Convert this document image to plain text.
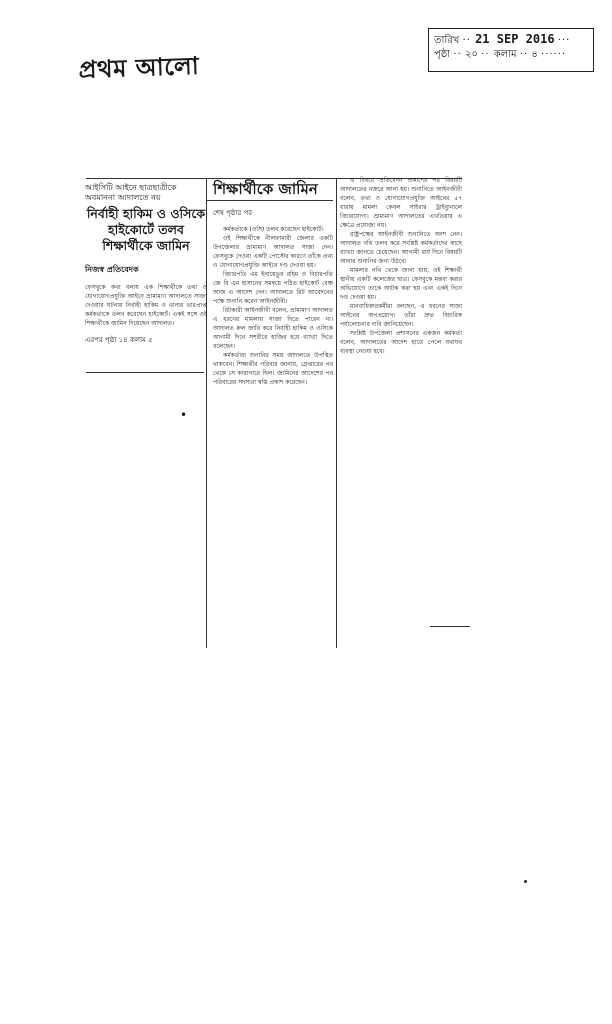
প্রথম আলো
তারিখ ·· 21 SEP 2016 ···
পৃষ্ঠা ·· ২০ ·· কলাম ·· ৪ ······
আইসিটি আইনে ছাত্রছাত্রীকে অবমাননা আদালতে নয়
নির্বাহী হাকিম ও ওসিকে
হাইকোর্টে তলব
শিক্ষার্থীকে জামিন
নিজস্ব প্রতিবেদক
ফেসবুকে কথা বলায় এক শিক্ষার্থীকে তথ্য ও যোগাযোগপ্রযুক্তি আইনে ভ্রাম্যমাণ আদালতে সাজা দেওয়ার ঘটনায় নির্বাহী হাকিম ও থানার ভারপ্রাপ্ত কর্মকর্তাকে তলব করেছেন হাইকোর্ট। একই সঙ্গে ওই শিক্ষার্থীকে জামিন দিয়েছেন আদালত।
এরপর পৃষ্ঠা ১৪ কলাম ৫
শিক্ষার্থীকে জামিন
শেষ পৃষ্ঠার পর

কর্মকর্তাকে (ওসি) তলব করেছেন হাইকোর্ট।

ওই শিক্ষার্থীকে নীলফামারী জেলার একটি উপজেলার ভ্রাম্যমাণ আদালত সাজা দেন। ফেসবুকে দেওয়া একটি পোস্টের কারণে তাঁকে তথ্য ও যোগাযোগপ্রযুক্তি আইনে দণ্ড দেওয়া হয়।

বিচারপতি এম ইনায়েতুর রহিম ও বিচারপতি জে বি এম হাসানের সমন্বয়ে গঠিত হাইকোর্ট বেঞ্চ আজ এ আদেশ দেন। আদালতে রিট আবেদনের পক্ষে শুনানি করেন আইনজীবী।

রিটকারী আইনজীবী বলেন, ভ্রাম্যমাণ আদালত এ ধরনের মামলায় সাজা দিতে পারেন না। আদালত রুল জারি করে নির্বাহী হাকিম ও ওসিকে আগামী দিনে সশরীরে হাজির হয়ে ব্যাখ্যা দিতে বলেছেন।

কর্মকর্তারা শুনানির সময় আদালতে উপস্থিত থাকবেন। শিক্ষার্থীর পরিবার জানায়, গ্রেপ্তারের পর থেকে সে কারাগারে ছিল। জামিনের আদেশের পর পরিবারের সদস্যরা স্বস্তি প্রকাশ করেছেন।

এ বিষয়ে প্রতিবেদন প্রকাশের পর বিষয়টি আদালতের নজরে আনা হয়। শুনানিতে আইনজীবী বলেন, তথ্য ও যোগাযোগপ্রযুক্তি আইনের ৫৭ ধারায় মামলা কেবল সাইবার ট্রাইব্যুনালে বিচারযোগ্য। ভ্রাম্যমাণ আদালতের এখতিয়ার এ ক্ষেত্রে প্রযোজ্য নয়।

রাষ্ট্রপক্ষের আইনজীবী শুনানিতে অংশ নেন। আদালত নথি তলব করে সংশ্লিষ্ট কর্মকর্তাদের কাছে ব্যাখ্যা জানতে চেয়েছেন। আগামী ধার্য দিনে বিষয়টি আবার শুনানির জন্য উঠবে।

মামলার নথি থেকে জানা যায়, ওই শিক্ষার্থী স্থানীয় একটি কলেজের ছাত্র। ফেসবুকে মন্তব্য করার অভিযোগে তাকে আটক করা হয় এবং একই দিনে দণ্ড দেওয়া হয়।

মানবাধিকারকর্মীরা বলছেন, এ ধরনের সাজা আইনের অপপ্রয়োগ। তাঁরা দ্রুত বিচারিক পর্যালোচনার দাবি জানিয়েছেন।

সংশ্লিষ্ট উপজেলা প্রশাসনের একজন কর্মকর্তা বলেন, আদালতের আদেশ হাতে পেলে যথাযথ ব্যবস্থা নেওয়া হবে।

•
